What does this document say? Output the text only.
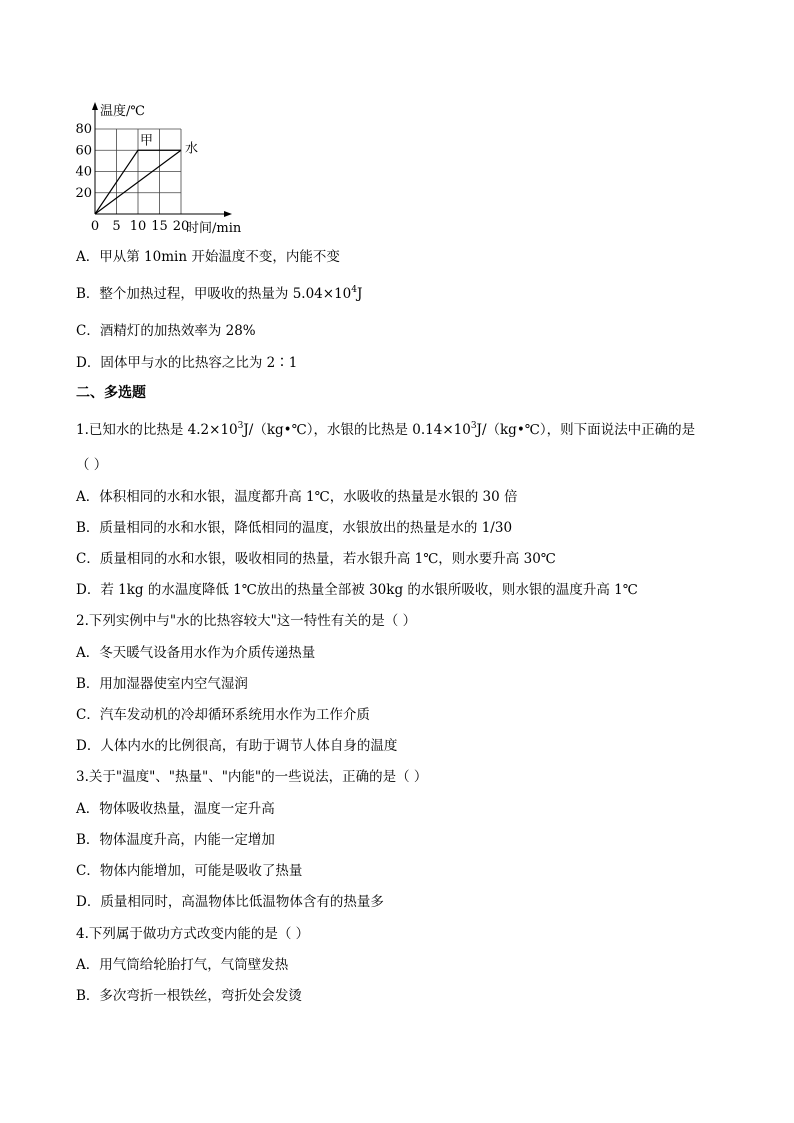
0 5 10 15 20
20
40
60
80
甲
水
温度/℃
时间/min
A．甲从第 10min 开始温度不变，内能不变
B．整个加热过程，甲吸收的热量为 $5.04\times 10^4J$
C．酒精灯的加热效率为 28%
D．固体甲与水的比热容之比为 2∶1
二、多选题
1.已知水的比热是 $4.2\times 10^3J/(kg•℃)$，水银的比热是 $0.14\times 10^3J/(kg•℃)$，则下面说法中正确的是
（ ）
A．体积相同的水和水银，温度都升高 1℃，水吸收的热量是水银的 30 倍
B．质量相同的水和水银，降低相同的温度，水银放出的热量是水的 1/30
C．质量相同的水和水银，吸收相同的热量，若水银升高 1℃，则水要升高 30℃
D．若 1kg 的水温度降低 1℃放出的热量全部被 30kg 的水银所吸收，则水银的温度升高 1℃
2.下列实例中与"水的比热容较大"这一特性有关的是（ ）
A．冬天暖气设备用水作为介质传递热量
B．用加湿器使室内空气湿润
C．汽车发动机的冷却循环系统用水作为工作介质
D．人体内水的比例很高，有助于调节人体自身的温度
3.关于"温度"、"热量"、"内能"的一些说法，正确的是（ ）
A．物体吸收热量，温度一定升高
B．物体温度升高，内能一定增加
C．物体内能增加，可能是吸收了热量
D．质量相同时，高温物体比低温物体含有的热量多
4.下列属于做功方式改变内能的是（ ）
A．用气筒给轮胎打气，气筒壁发热
B．多次弯折一根铁丝，弯折处会发烫
